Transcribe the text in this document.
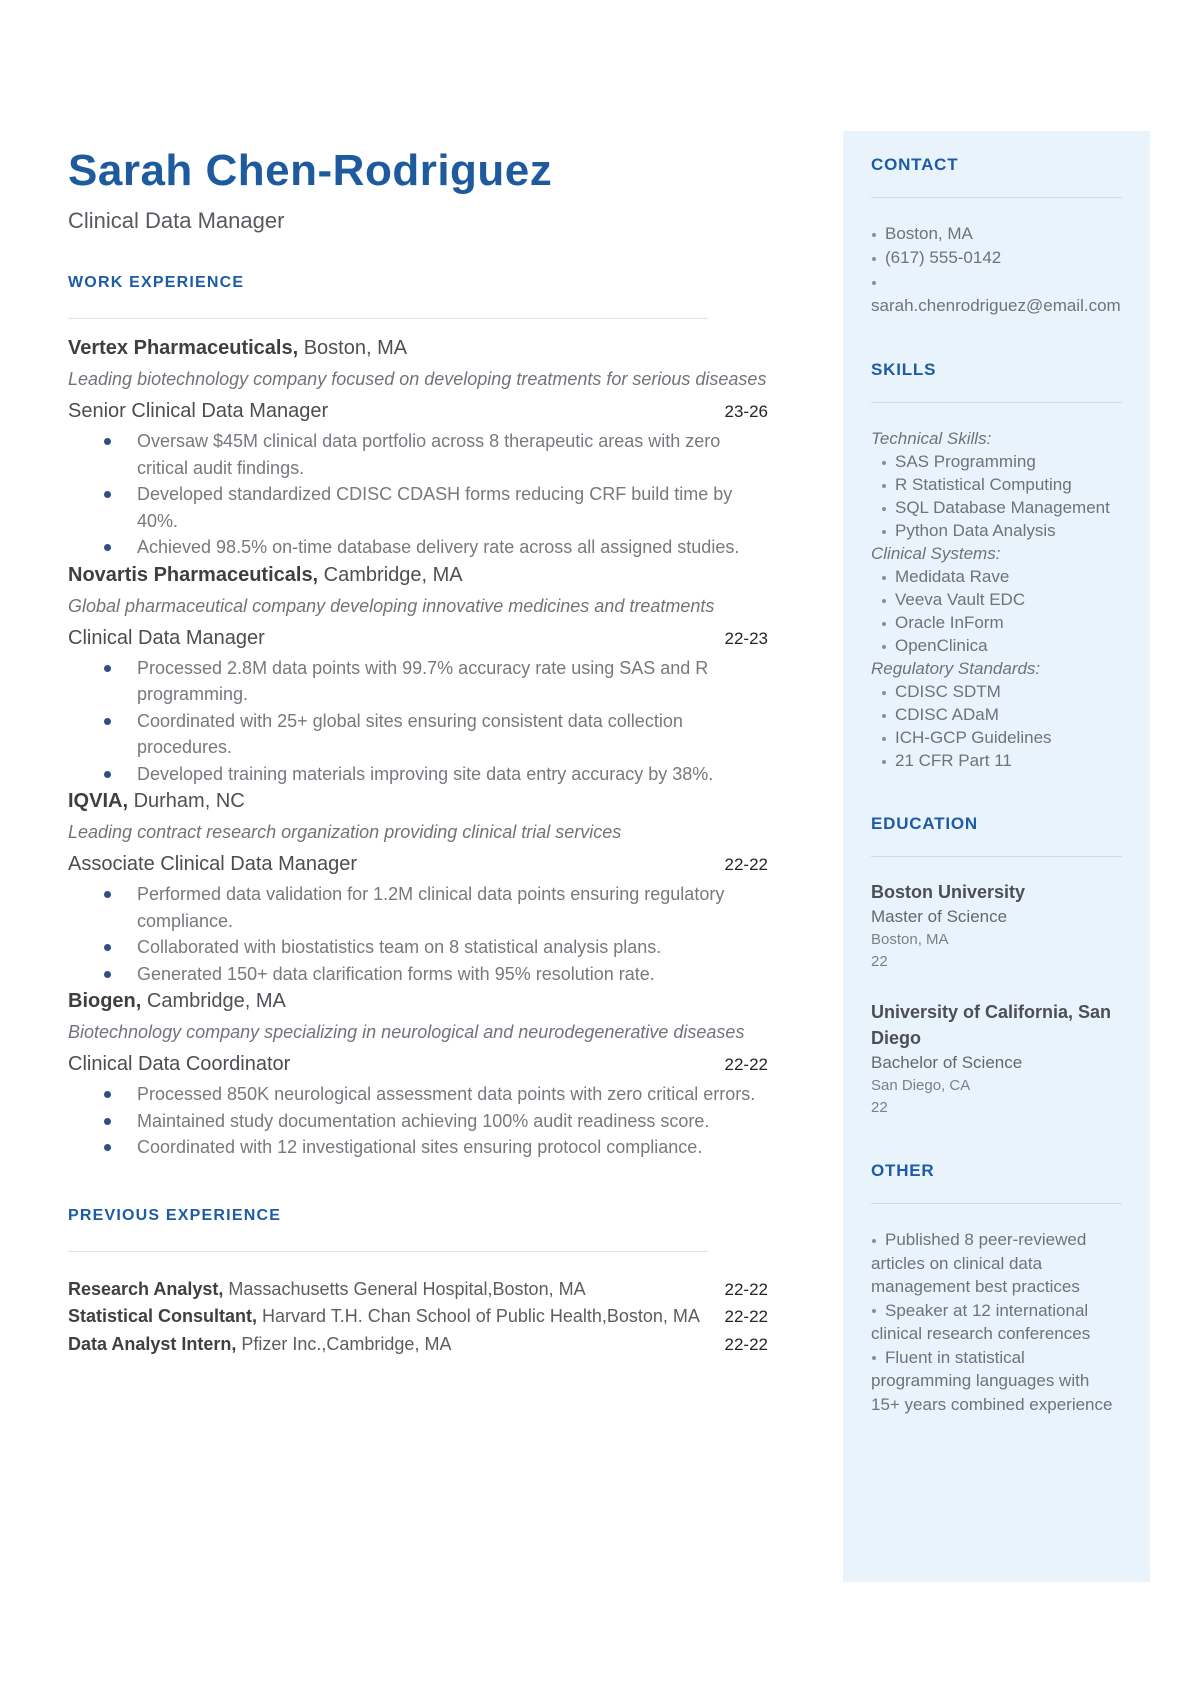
Sarah Chen-Rodriguez
Clinical Data Manager
WORK EXPERIENCE
Vertex Pharmaceuticals, Boston, MA
Leading biotechnology company focused on developing treatments for serious diseases
Senior Clinical Data Manager	23-26
Oversaw $45M clinical data portfolio across 8 therapeutic areas with zero critical audit findings.
Developed standardized CDISC CDASH forms reducing CRF build time by 40%.
Achieved 98.5% on-time database delivery rate across all assigned studies.
Novartis Pharmaceuticals, Cambridge, MA
Global pharmaceutical company developing innovative medicines and treatments
Clinical Data Manager	22-23
Processed 2.8M data points with 99.7% accuracy rate using SAS and R programming.
Coordinated with 25+ global sites ensuring consistent data collection procedures.
Developed training materials improving site data entry accuracy by 38%.
IQVIA, Durham, NC
Leading contract research organization providing clinical trial services
Associate Clinical Data Manager	22-22
Performed data validation for 1.2M clinical data points ensuring regulatory compliance.
Collaborated with biostatistics team on 8 statistical analysis plans.
Generated 150+ data clarification forms with 95% resolution rate.
Biogen, Cambridge, MA
Biotechnology company specializing in neurological and neurodegenerative diseases
Clinical Data Coordinator	22-22
Processed 850K neurological assessment data points with zero critical errors.
Maintained study documentation achieving 100% audit readiness score.
Coordinated with 12 investigational sites ensuring protocol compliance.
PREVIOUS EXPERIENCE
Research Analyst, Massachusetts General Hospital,Boston, MA	22-22
Statistical Consultant, Harvard T.H. Chan School of Public Health,Boston, MA 22-22
Data Analyst Intern, Pfizer Inc.,Cambridge, MA	22-22
CONTACT
Boston, MA
(617) 555-0142
sarah.chenrodriguez@email.com
SKILLS
Technical Skills:
SAS Programming
R Statistical Computing
SQL Database Management
Python Data Analysis
Clinical Systems:
Medidata Rave
Veeva Vault EDC
Oracle InForm
OpenClinica
Regulatory Standards:
CDISC SDTM
CDISC ADaM
ICH-GCP Guidelines
21 CFR Part 11
EDUCATION
Boston University
Master of Science
Boston, MA
22
University of California, San Diego
Bachelor of Science
San Diego, CA
22
OTHER
Published 8 peer-reviewed articles on clinical data management best practices
Speaker at 12 international clinical research conferences
Fluent in statistical programming languages with 15+ years combined experience
